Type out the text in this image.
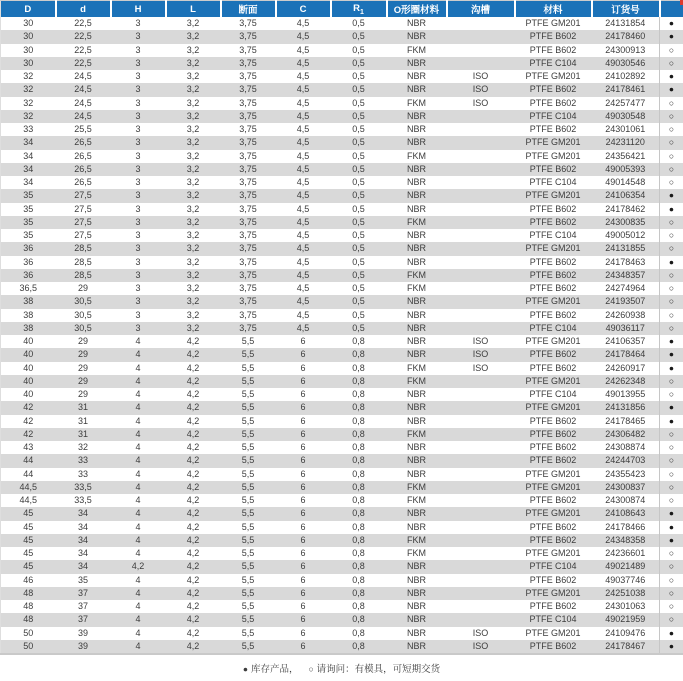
D	d	H	L	断面	C	$R_1$	O形圈材料	沟槽	材料	订货号	
30	22,5	3	3,2	3,75	4,5	0,5	NBR		PTFE GM201	24131854	●
30	22,5	3	3,2	3,75	4,5	0,5	NBR		PTFE B602	24178460	●
30	22,5	3	3,2	3,75	4,5	0,5	FKM		PTFE B602	24300913	○
30	22,5	3	3,2	3,75	4,5	0,5	NBR		PTFE C104	49030546	○
32	24,5	3	3,2	3,75	4,5	0,5	NBR	ISO	PTFE GM201	24102892	●
32	24,5	3	3,2	3,75	4,5	0,5	NBR	ISO	PTFE B602	24178461	●
32	24,5	3	3,2	3,75	4,5	0,5	FKM	ISO	PTFE B602	24257477	○
32	24,5	3	3,2	3,75	4,5	0,5	NBR		PTFE C104	49030548	○
33	25,5	3	3,2	3,75	4,5	0,5	NBR		PTFE B602	24301061	○
34	26,5	3	3,2	3,75	4,5	0,5	NBR		PTFE GM201	24231120	○
34	26,5	3	3,2	3,75	4,5	0,5	FKM		PTFE GM201	24356421	○
34	26,5	3	3,2	3,75	4,5	0,5	NBR		PTFE B602	49005393	○
34	26,5	3	3,2	3,75	4,5	0,5	NBR		PTFE C104	49014548	○
35	27,5	3	3,2	3,75	4,5	0,5	NBR		PTFE GM201	24106354	●
35	27,5	3	3,2	3,75	4,5	0,5	NBR		PTFE B602	24178462	●
35	27,5	3	3,2	3,75	4,5	0,5	FKM		PTFE B602	24300835	○
35	27,5	3	3,2	3,75	4,5	0,5	NBR		PTFE C104	49005012	○
36	28,5	3	3,2	3,75	4,5	0,5	NBR		PTFE GM201	24131855	○
36	28,5	3	3,2	3,75	4,5	0,5	NBR		PTFE B602	24178463	●
36	28,5	3	3,2	3,75	4,5	0,5	FKM		PTFE B602	24348357	○
36,5	29	3	3,2	3,75	4,5	0,5	FKM		PTFE B602	24274964	○
38	30,5	3	3,2	3,75	4,5	0,5	NBR		PTFE GM201	24193507	○
38	30,5	3	3,2	3,75	4,5	0,5	NBR		PTFE B602	24260938	○
38	30,5	3	3,2	3,75	4,5	0,5	NBR		PTFE C104	49036117	○
40	29	4	4,2	5,5	6	0,8	NBR	ISO	PTFE GM201	24106357	●
40	29	4	4,2	5,5	6	0,8	NBR	ISO	PTFE B602	24178464	●
40	29	4	4,2	5,5	6	0,8	FKM	ISO	PTFE B602	24260917	●
40	29	4	4,2	5,5	6	0,8	FKM		PTFE GM201	24262348	○
40	29	4	4,2	5,5	6	0,8	NBR		PTFE C104	49013955	○
42	31	4	4,2	5,5	6	0,8	NBR		PTFE GM201	24131856	●
42	31	4	4,2	5,5	6	0,8	NBR		PTFE B602	24178465	●
42	31	4	4,2	5,5	6	0,8	FKM		PTFE B602	24306482	○
43	32	4	4,2	5,5	6	0,8	NBR		PTFE B602	24308874	○
44	33	4	4,2	5,5	6	0,8	NBR		PTFE B602	24244703	○
44	33	4	4,2	5,5	6	0,8	NBR		PTFE GM201	24355423	○
44,5	33,5	4	4,2	5,5	6	0,8	FKM		PTFE GM201	24300837	○
44,5	33,5	4	4,2	5,5	6	0,8	FKM		PTFE B602	24300874	○
45	34	4	4,2	5,5	6	0,8	NBR		PTFE GM201	24108643	●
45	34	4	4,2	5,5	6	0,8	NBR		PTFE B602	24178466	●
45	34	4	4,2	5,5	6	0,8	FKM		PTFE B602	24348358	●
45	34	4	4,2	5,5	6	0,8	FKM		PTFE GM201	24236601	○
45	34	4,2	4,2	5,5	6	0,8	NBR		PTFE C104	49021489	○
46	35	4	4,2	5,5	6	0,8	NBR		PTFE B602	49037746	○
48	37	4	4,2	5,5	6	0,8	NBR		PTFE GM201	24251038	○
48	37	4	4,2	5,5	6	0,8	NBR		PTFE B602	24301063	○
48	37	4	4,2	5,5	6	0,8	NBR		PTFE C104	49021959	○
50	39	4	4,2	5,5	6	0,8	NBR	ISO	PTFE GM201	24109476	●
50	39	4	4,2	5,5	6	0,8	NBR	ISO	PTFE B602	24178467	●
● 库存产品， ○ 请询问：有模具，可短期交货
